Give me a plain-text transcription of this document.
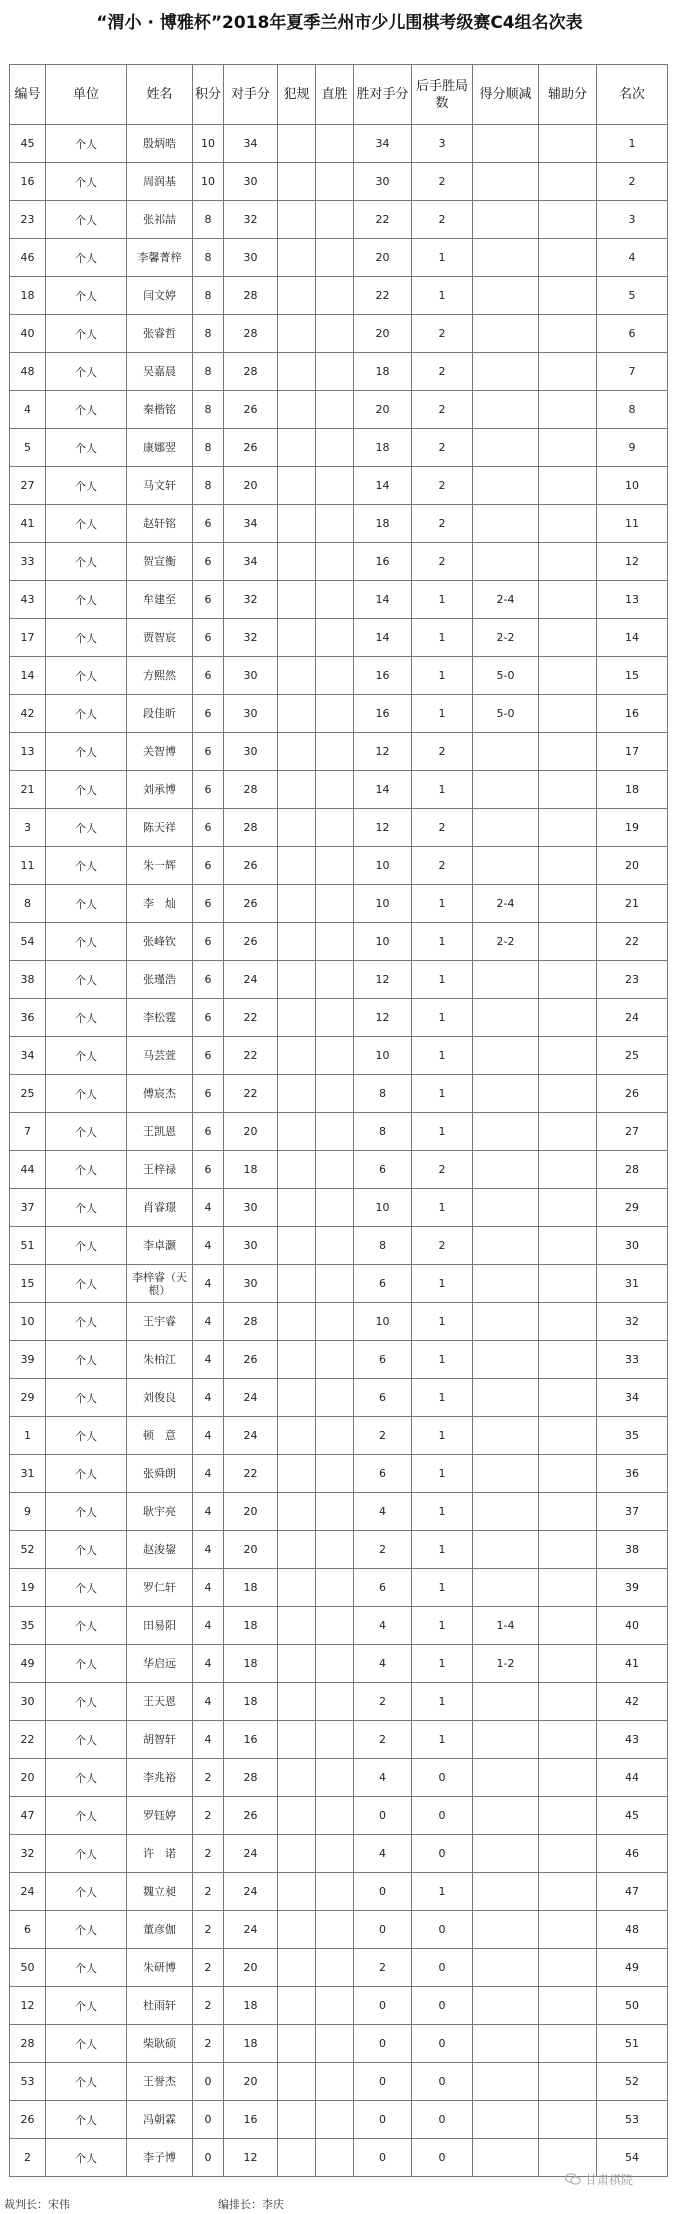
“渭小 · 博雅杯”2018年夏季兰州市少儿围棋考级赛C4组名次表
编号	单位	姓名	积分	对手分	犯规	直胜	胜对手分	后手胜局数	得分顺减	辅助分	名次
45	个人	殷炳晧	10	34			34	3			1
16	个人	周润基	10	30			30	2			2
23	个人	张祁喆	8	32			22	2			3
46	个人	李馨菁梓	8	30			20	1			4
18	个人	闫文婷	8	28			22	1			5
40	个人	张睿哲	8	28			20	2			6
48	个人	吴嘉晨	8	28			18	2			7
4	个人	秦楷铭	8	26			20	2			8
5	个人	康娜翌	8	26			18	2			9
27	个人	马文轩	8	20			14	2			10
41	个人	赵轩铭	6	34			18	2			11
33	个人	贺宣衡	6	34			16	2			12
43	个人	牟建至	6	32			14	1	2-4		13
17	个人	贾智宸	6	32			14	1	2-2		14
14	个人	方熙然	6	30			16	1	5-0		15
42	个人	段佳昕	6	30			16	1	5-0		16
13	个人	关智博	6	30			12	2			17
21	个人	刘承博	6	28			14	1			18
3	个人	陈天祥	6	28			12	2			19
11	个人	朱一辉	6	26			10	2			20
8	个人	李　灿	6	26			10	1	2-4		21
54	个人	张峰钦	6	26			10	1	2-2		22
38	个人	张瑾浩	6	24			12	1			23
36	个人	李松霆	6	22			12	1			24
34	个人	马芸萱	6	22			10	1			25
25	个人	傅宸杰	6	22			8	1			26
7	个人	王凯恩	6	20			8	1			27
44	个人	王梓禄	6	18			6	2			28
37	个人	肖睿璟	4	30			10	1			29
51	个人	李卓灏	4	30			8	2			30
15	个人	李梓睿（天根）	4	30			6	1			31
10	个人	王宇睿	4	28			10	1			32
39	个人	朱柏江	4	26			6	1			33
29	个人	刘俊良	4	24			6	1			34
1	个人	顿　意	4	24			2	1			35
31	个人	张舜朗	4	22			6	1			36
9	个人	耿宇亮	4	20			4	1			37
52	个人	赵浚鋆	4	20			2	1			38
19	个人	罗仁轩	4	18			6	1			39
35	个人	田易阳	4	18			4	1	1-4		40
49	个人	华启远	4	18			4	1	1-2		41
30	个人	王天恩	4	18			2	1			42
22	个人	胡智轩	4	16			2	1			43
20	个人	李兆裕	2	28			4	0			44
47	个人	罗钰婷	2	26			0	0			45
32	个人	许　诺	2	24			4	0			46
24	个人	魏立昶	2	24			0	1			47
6	个人	董彦伽	2	24			0	0			48
50	个人	朱研博	2	20			2	0			49
12	个人	杜雨轩	2	18			0	0			50
28	个人	柴耿硕	2	18			0	0			51
53	个人	王誉杰	0	20			0	0			52
26	个人	冯朝霖	0	16			0	0			53
2	个人	李子博	0	12			0	0			54
裁判长：宋伟	编排长：李庆
甘肃棋院
